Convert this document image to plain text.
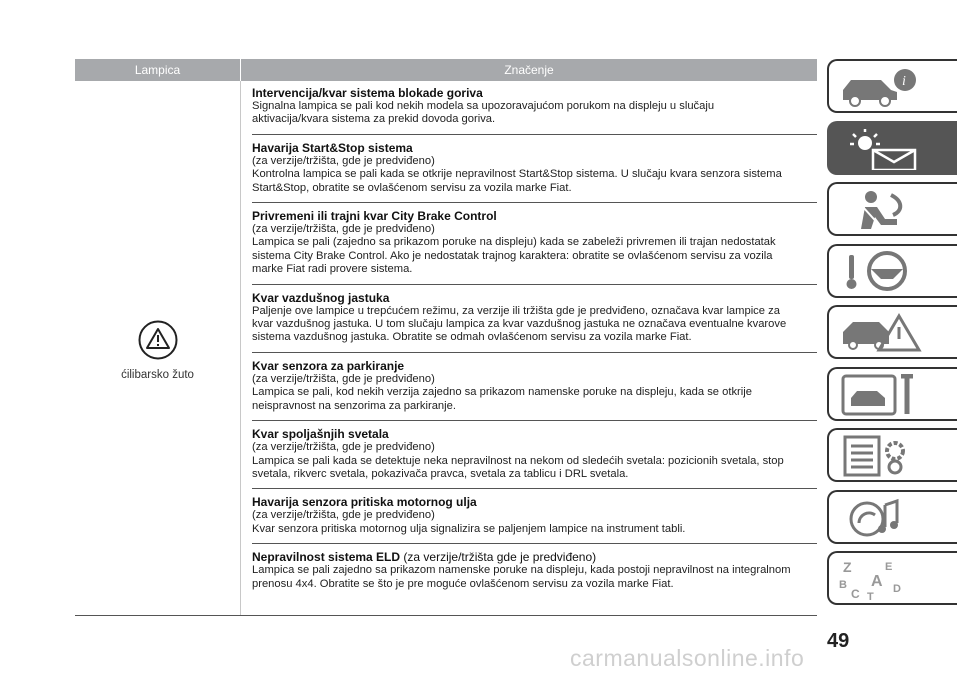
Lampica	Značenje
ćilibarsko žuto
Intervencija/kvar sistema blokade goriva
Signalna lampica se pali kod nekih modela sa upozoravajućom porukom na displeju u slučaju
aktivacija/kvara sistema za prekid dovoda goriva.
Havarija Start&Stop sistema
(za verzije/tržišta, gde je predviđeno)
Kontrolna lampica se pali kada se otkrije nepravilnost Start&Stop sistema. U slučaju kvara senzora sistema
Start&Stop, obratite se ovlašćenom servisu za vozila marke Fiat.
Privremeni ili trajni kvar City Brake Control
(za verzije/tržišta, gde je predviđeno)
Lampica se pali (zajedno sa prikazom poruke na displeju) kada se zabeleži privremen ili trajan nedostatak
sistema City Brake Control. Ako je nedostatak trajnog karaktera: obratite se ovlašćenom servisu za vozila
marke Fiat radi provere sistema.
Kvar vazdušnog jastuka
Paljenje ove lampice u trepćućem režimu, za verzije ili tržišta gde je predviđeno, označava kvar lampice za
kvar vazdušnog jastuka. U tom slučaju lampica za kvar vazdušnog jastuka ne označava eventualne kvarove
sistema vazdušnog jastuka. Obratite se odmah ovlašćenom servisu za vozila marke Fiat.
Kvar senzora za parkiranje
(za verzije/tržišta, gde je predviđeno)
Lampica se pali, kod nekih verzija zajedno sa prikazom namenske poruke na displeju, kada se otkrije
neispravnost na senzorima za parkiranje.
Kvar spoljašnjih svetala
(za verzije/tržišta, gde je predviđeno)
Lampica se pali kada se detektuje neka nepravilnost na nekom od sledećih svetala: pozicionih svetala, stop
svetala, rikverc svetala, pokazivača pravca, svetala za tablicu i DRL svetala.
Havarija senzora pritiska motornog ulja
(za verzije/tržišta, gde je predviđeno)
Kvar senzora pritiska motornog ulja signalizira se paljenjem lampice na instrument tabli.
Nepravilnost sistema ELD (za verzije/tržišta gde je predviđeno)
Lampica se pali zajedno sa prikazom namenske poruke na displeju, kada postoji nepravilnost na integralnom
prenosu 4x4. Obratite se što je pre moguće ovlašćenom servisu za vozila marke Fiat.
49
carmanualsonline.info
i
Z	E
B A
C T
D
